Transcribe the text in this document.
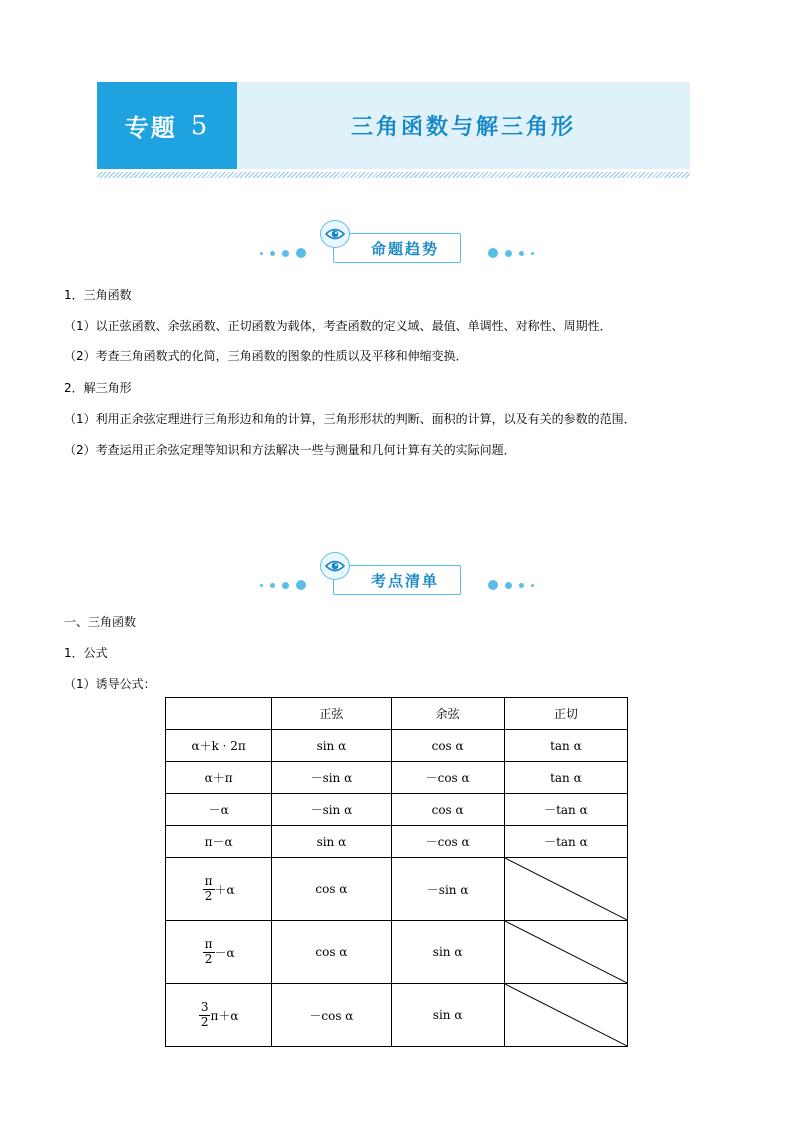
专题 5	三角函数与解三角形
命题趋势
1．三角函数
（1）以正弦函数、余弦函数、正切函数为载体，考查函数的定义域、最值、单调性、对称性、周期性．
（2）考查三角函数式的化简，三角函数的图象的性质以及平移和伸缩变换．
2．解三角形
（1）利用正余弦定理进行三角形边和角的计算，三角形形状的判断、面积的计算，以及有关的参数的范围．
（2）考查运用正余弦定理等知识和方法解决一些与测量和几何计算有关的实际问题．
考点清单
一、三角函数
1．公式
（1）诱导公式：
	正弦	余弦	正切
α＋k · 2π	sin α	cos α	tan α
α＋π	－sin α	－cos α	tan α
－α	－sin α	cos α	－tan α
π－α	sin α	－cos α	－tan α

$\frac{\pi}{2} +\alpha$	cos α	－sin α	

$\frac{\pi}{2} -\alpha$	cos α	sin α	

$\frac{3}{2} \pi+\alpha$	－cos α	sin α	
